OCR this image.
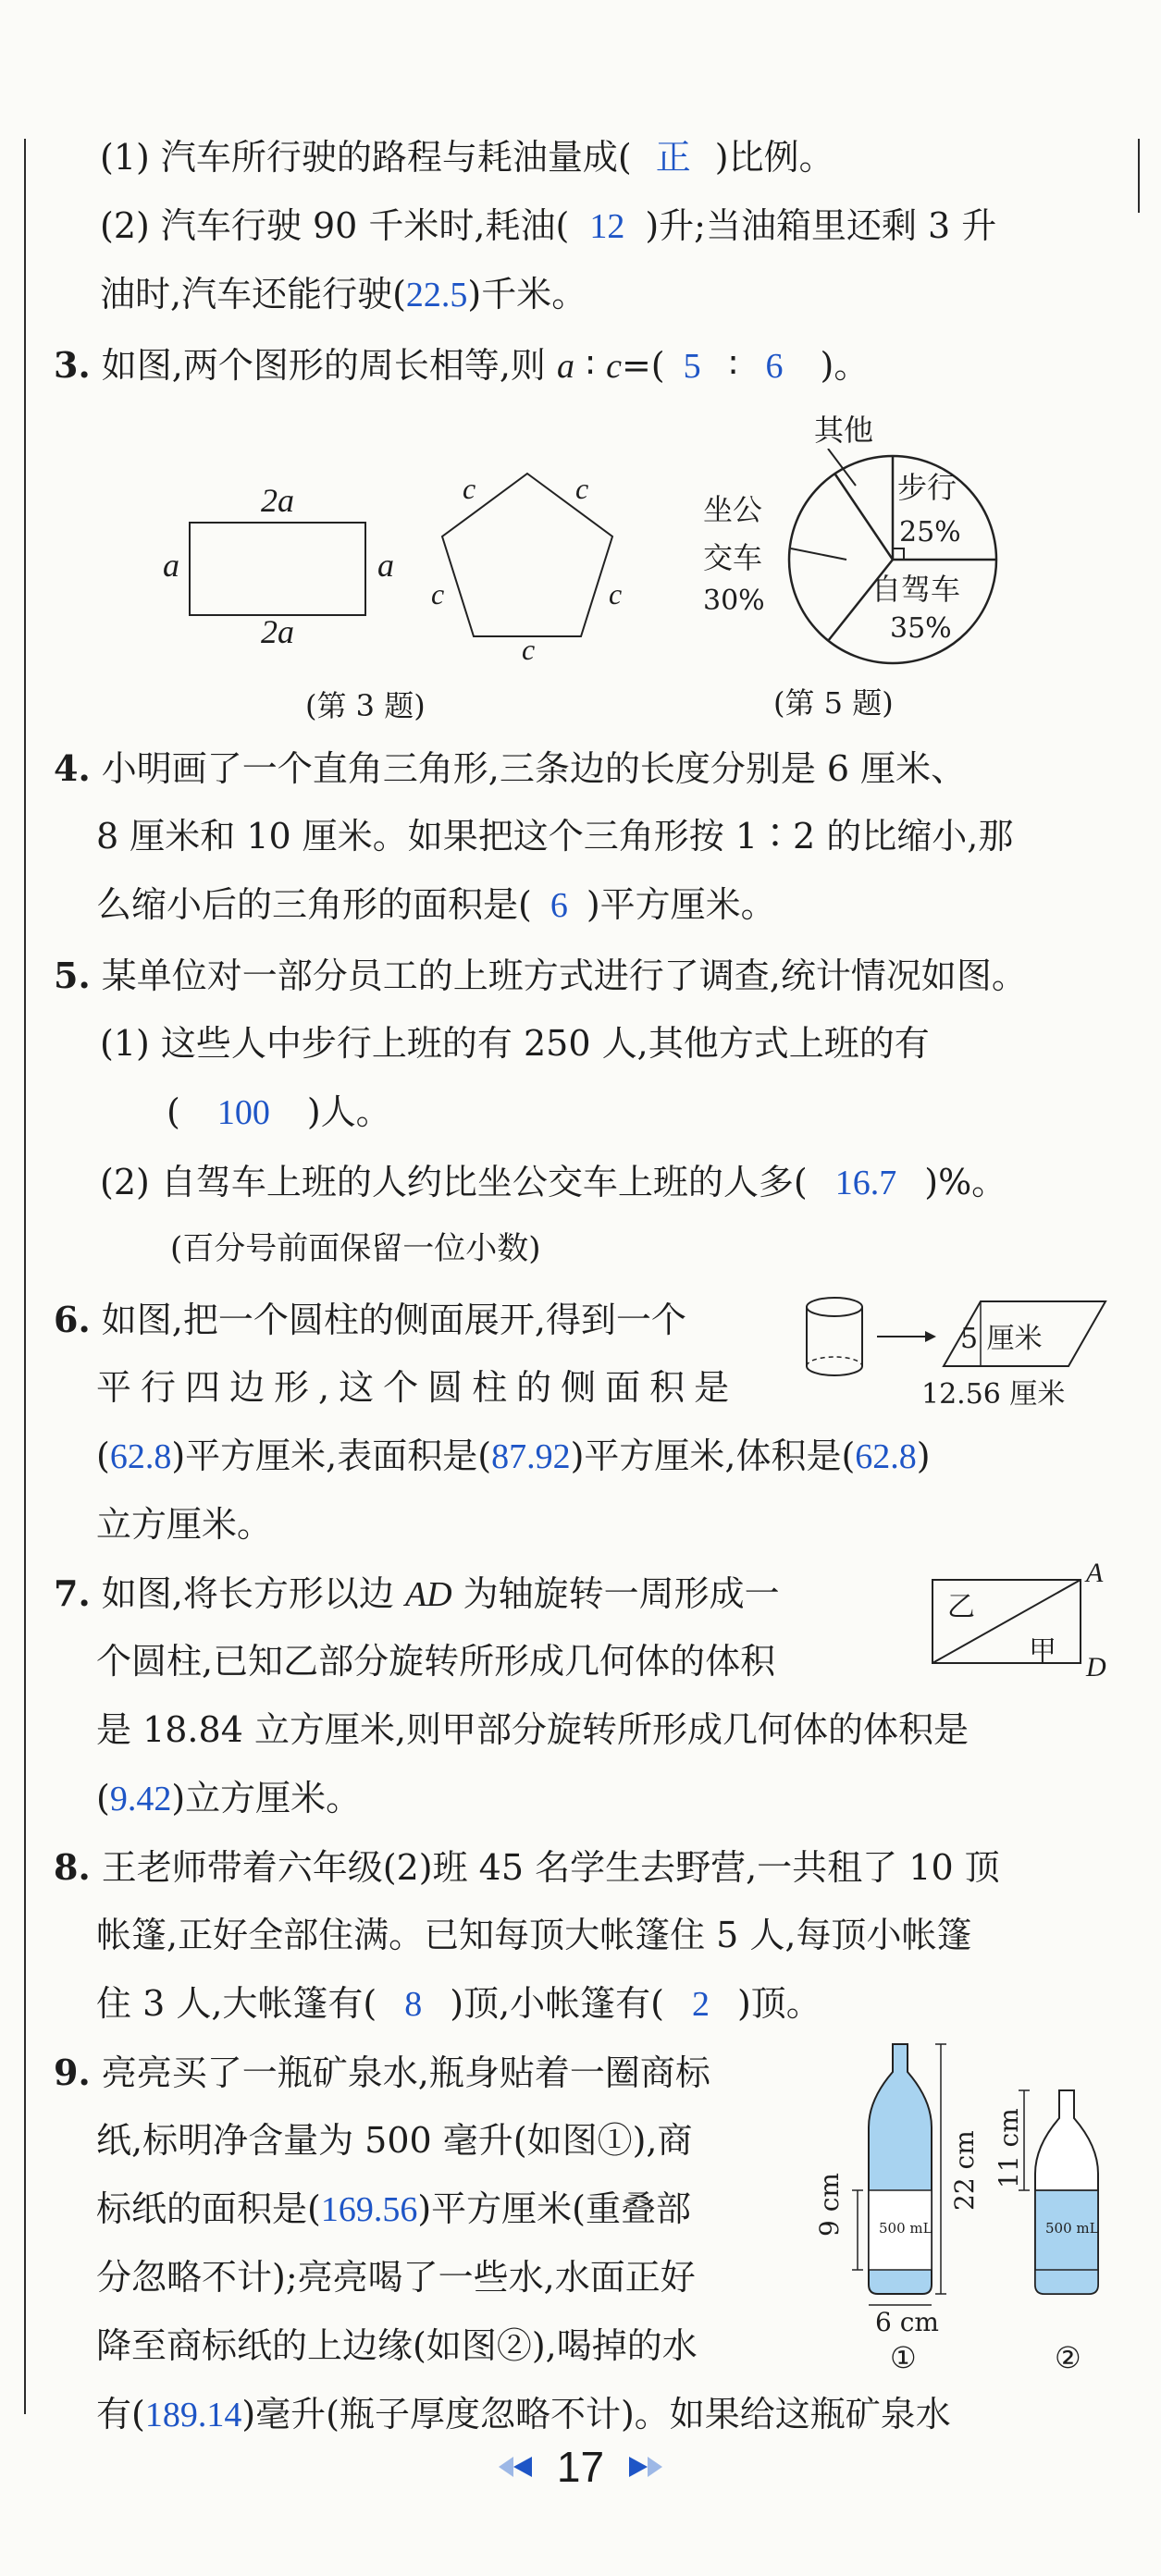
(1) 汽车所行驶的路程与耗油量成( 正 )比例。

(2) 汽车行驶 90 千米时,耗油( 12 )升;当油箱里还剩 3 升

油时,汽车还能行驶(22.5)千米。

3. 如图,两个图形的周长相等,则 a ∶ c=( 5 ∶ 6 )。

2a
2a
a	a
c	c
c	c
c
(第 3 题)
其他
步行
25%
自驾车
35%
坐公
交车
30%
(第 5 题)

4. 小明画了一个直角三角形,三条边的长度分别是 6 厘米、

8 厘米和 10 厘米。如果把这个三角形按 1∶2 的比缩小,那

么缩小后的三角形的面积是( 6 )平方厘米。

5. 某单位对一部分员工的上班方式进行了调查,统计情况如图。

(1) 这些人中步行上班的有 250 人,其他方式上班的有

( 100 )人。

(2) 自驾车上班的人约比坐公交车上班的人多( 16.7 )%。

(百分号前面保留一位小数)

6. 如图,把一个圆柱的侧面展开,得到一个

平行四边形,这个圆柱的侧面积是

(62.8)平方厘米,表面积是(87.92)平方厘米,体积是(62.8)

立方厘米。

5 厘米
12.56 厘米

7. 如图,将长方形以边 AD 为轴旋转一周形成一

个圆柱,已知乙部分旋转所形成几何体的体积

是 18.84 立方厘米,则甲部分旋转所形成几何体的体积是

(9.42)立方厘米。

乙
甲
A
D

8. 王老师带着六年级(2)班 45 名学生去野营,一共租了 10 顶

帐篷,正好全部住满。已知每顶大帐篷住 5 人,每顶小帐篷

住 3 人,大帐篷有( 8 )顶,小帐篷有( 2 )顶。

9. 亮亮买了一瓶矿泉水,瓶身贴着一圈商标

纸,标明净含量为 500 毫升(如图①),商

标纸的面积是(169.56)平方厘米(重叠部

分忽略不计);亮亮喝了一些水,水面正好

降至商标纸的上边缘(如图②),喝掉的水

有(189.14)毫升(瓶子厚度忽略不计)。如果给这瓶矿泉水

500 mL	500 mL
9 cm	22 cm 11 cm
6 cm
①	②
17
